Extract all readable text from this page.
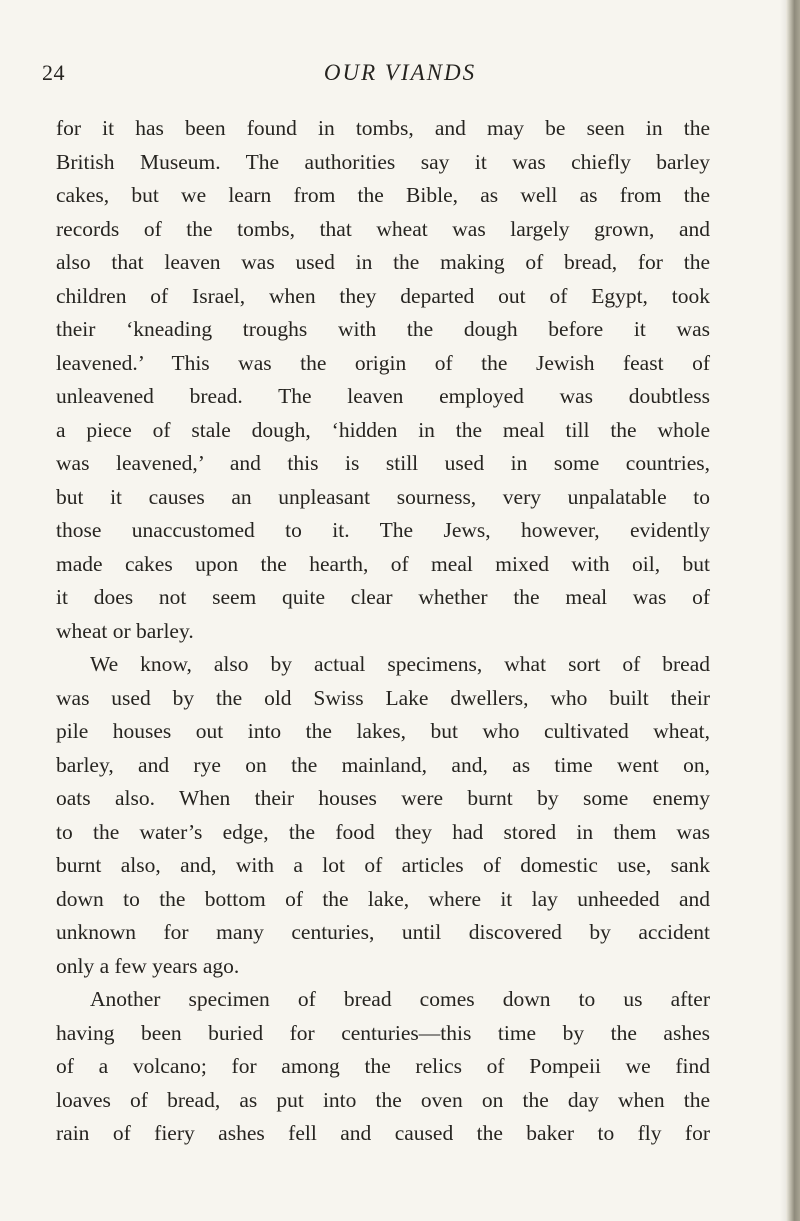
24	OUR VIANDS
for it has been found in tombs, and may be seen in the
British Museum. The authorities say it was chiefly barley
cakes, but we learn from the Bible, as well as from the
records of the tombs, that wheat was largely grown, and
also that leaven was used in the making of bread, for the
children of Israel, when they departed out of Egypt, took
their ‘kneading troughs with the dough before it was
leavened.’ This was the origin of the Jewish feast of
unleavened bread. The leaven employed was doubtless
a piece of stale dough, ‘hidden in the meal till the whole
was leavened,’ and this is still used in some countries,
but it causes an unpleasant sourness, very unpalatable to
those unaccustomed to it. The Jews, however, evidently
made cakes upon the hearth, of meal mixed with oil, but
it does not seem quite clear whether the meal was of
wheat or barley.
We know, also by actual specimens, what sort of bread
was used by the old Swiss Lake dwellers, who built their
pile houses out into the lakes, but who cultivated wheat,
barley, and rye on the mainland, and, as time went on,
oats also. When their houses were burnt by some enemy
to the water’s edge, the food they had stored in them was
burnt also, and, with a lot of articles of domestic use, sank
down to the bottom of the lake, where it lay unheeded and
unknown for many centuries, until discovered by accident
only a few years ago.
Another specimen of bread comes down to us after
having been buried for centuries—this time by the ashes
of a volcano; for among the relics of Pompeii we find
loaves of bread, as put into the oven on the day when the
rain of fiery ashes fell and caused the baker to fly for
